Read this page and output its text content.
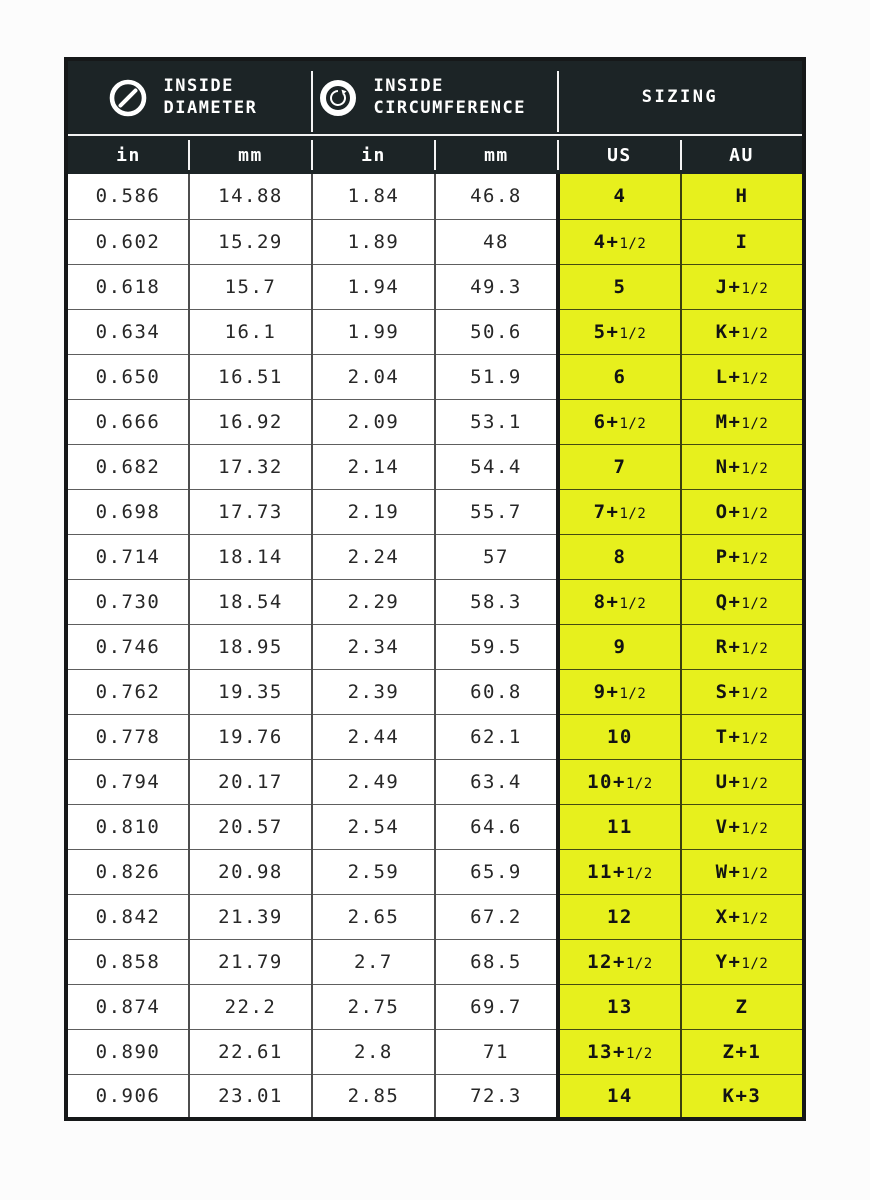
INSIDE DIAMETER		INSIDE CIRCUMFERENCE		SIZING	

in	mm	in	mm	US	AU
0.586	14.88	1.84	46.8	4	H
0.602	15.29	1.89	48	4+1/2	I
0.618	15.7	1.94	49.3	5	J+1/2
0.634	16.1	1.99	50.6	5+1/2	K+1/2
0.650	16.51	2.04	51.9	6	L+1/2
0.666	16.92	2.09	53.1	6+1/2	M+1/2
0.682	17.32	2.14	54.4	7	N+1/2
0.698	17.73	2.19	55.7	7+1/2	O+1/2
0.714	18.14	2.24	57	8	P+1/2
0.730	18.54	2.29	58.3	8+1/2	Q+1/2
0.746	18.95	2.34	59.5	9	R+1/2
0.762	19.35	2.39	60.8	9+1/2	S+1/2
0.778	19.76	2.44	62.1	10	T+1/2
0.794	20.17	2.49	63.4	10+1/2	U+1/2
0.810	20.57	2.54	64.6	11	V+1/2
0.826	20.98	2.59	65.9	11+1/2	W+1/2
0.842	21.39	2.65	67.2	12	X+1/2
0.858	21.79	2.7	68.5	12+1/2	Y+1/2
0.874	22.2	2.75	69.7	13	Z
0.890	22.61	2.8	71	13+1/2	Z+1
0.906	23.01	2.85	72.3	14	K+3
